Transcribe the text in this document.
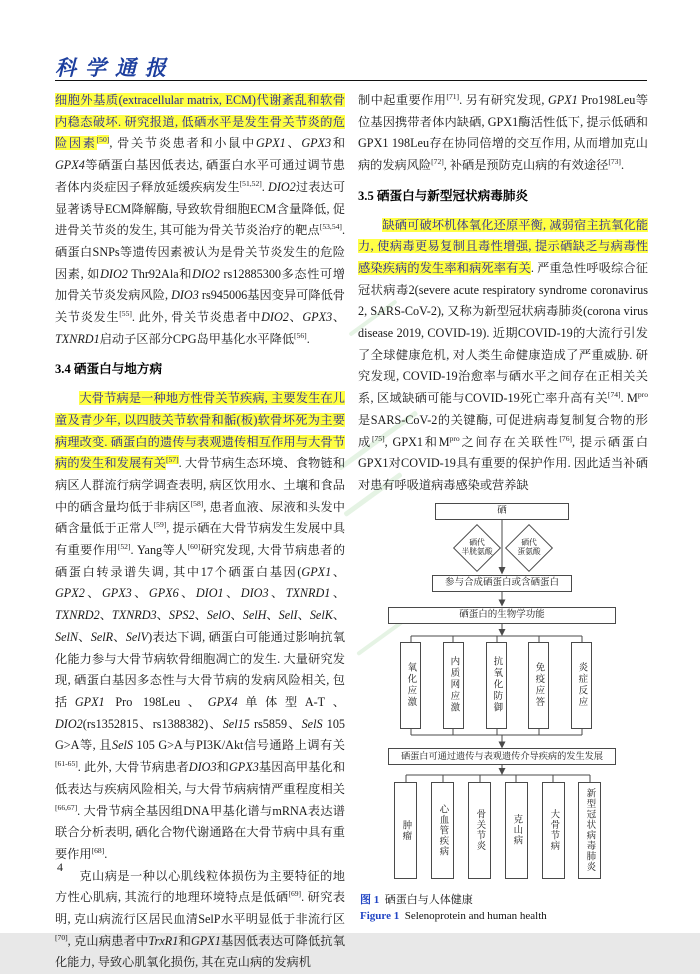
科学通报

细胞外基质(extracellular matrix, ECM)代谢紊乱和软骨内稳态破坏. 研究报道, 低硒水平是发生骨关节炎的危险因素[50], 骨关节炎患者和小鼠中GPX1、GPX3和GPX4等硒蛋白基因低表达, 硒蛋白水平可通过调节患者体内炎症因子释放延缓疾病发生[51,52]. DIO2过表达可显著诱导ECM降解酶, 导致软骨细胞ECM含量降低, 促进骨关节炎的发生, 其可能为骨关节炎治疗的靶点[53,54]. 硒蛋白SNPs等遗传因素被认为是骨关节炎发生的危险因素, 如DIO2 Thr92Ala和DIO2 rs12885300多态性可增加骨关节炎发病风险, DIO3 rs945006基因变异可降低骨关节炎发生[55]. 此外, 骨关节炎患者中DIO2、GPX3、TXNRD1启动子区部分CPG岛甲基化水平降低[56].

3.4 硒蛋白与地方病

大骨节病是一种地方性骨关节疾病, 主要发生在儿童及青少年, 以四肢关节软骨和骺(板)软骨坏死为主要病理改变. 硒蛋白的遗传与表观遗传相互作用与大骨节病的发生和发展有关[57]. 大骨节病生态环境、食物链和病区人群流行病学调查表明, 病区饮用水、土壤和食品中的硒含量均低于非病区[58], 患者血液、尿液和头发中硒含量低于正常人[59], 提示硒在大骨节病发生发展中具有重要作用[52]. Yang等人[60]研究发现, 大骨节病患者的硒蛋白转录谱失调, 其中17个硒蛋白基因(GPX1、GPX2、GPX3、GPX6、DIO1、DIO3、TXNRD1、TXNRD2、TXNRD3、SPS2、SelO、SelH、SelI、SelK、SelN、SelR、SelV)表达下调, 硒蛋白可能通过影响抗氧化能力参与大骨节病软骨细胞凋亡的发生. 大量研究发现, 硒蛋白基因多态性与大骨节病的发病风险相关, 包括GPX1 Pro 198Leu、GPX4单体型A-T、DIO2(rs1352815、rs1388382)、Sel15 rs5859、SelS 105 G>A等, 且SelS 105 G>A与PI3K/Akt信号通路上调有关[61-65]. 此外, 大骨节病患者DIO3和GPX3基因高甲基化和低表达与疾病风险相关, 与大骨节病病情严重程度相关[66,67]. 大骨节病全基因组DNA甲基化谱与mRNA表达谱联合分析表明, 硒化合物代谢通路在大骨节病中具有重要作用[68].

克山病是一种以心肌线粒体损伤为主要特征的地方性心肌病, 其流行的地理环境特点是低硒[69]. 研究表明, 克山病流行区居民血清SelP水平明显低于非流行区[70], 克山病患者中TrxR1和GPX1基因低表达可降低抗氧化能力, 导致心肌氧化损伤, 其在克山病的发病机

制中起重要作用[71]. 另有研究发现, GPX1 Pro198Leu等位基因携带者体内缺硒, GPX1酶活性低下, 提示低硒和GPX1 198Leu存在协同倍增的交互作用, 从而增加克山病的发病风险[72], 补硒是预防克山病的有效途径[73].

3.5 硒蛋白与新型冠状病毒肺炎

缺硒可破坏机体氧化还原平衡, 减弱宿主抗氧化能力, 使病毒更易复制且毒性增强, 提示硒缺乏与病毒性感染疾病的发生率和病死率有关. 严重急性呼吸综合征冠状病毒2(severe acute respiratory syndrome coronavirus 2, SARS-CoV-2), 又称为新型冠状病毒肺炎(corona virus disease 2019, COVID-19). 近期COVID-19的大流行引发了全球健康危机, 对人类生命健康造成了严重威胁. 研究发现, COVID-19治愈率与硒水平之间存在正相关关系, 区域缺硒可能与COVID-19死亡率升高有关[74]. $M^{pro}$是SARS-CoV-2的关键酶, 可促进病毒复制复合物的形成[75], GPX1和$M^{pro}$之间存在关联性[76], 提示硒蛋白GPX1对COVID-19具有重要的保护作用. 因此适当补硒对患有呼吸道病毒感染或营养缺

硒
硒代
半胱氨酸
硒代
蛋氨酸
参与合成硒蛋白或含硒蛋白
硒蛋白的生物学功能
氧化应激	内质网应激	抗氧化防御	免疫应答	炎症反应
硒蛋白可通过遗传与表观遗传介导疾病的发生发展
肿瘤	心血管疾病	骨关节炎	克山病	大骨节病	新型冠状病毒肺炎
图 1 硒蛋白与人体健康
Figure 1 Selenoprotein and human health
4
